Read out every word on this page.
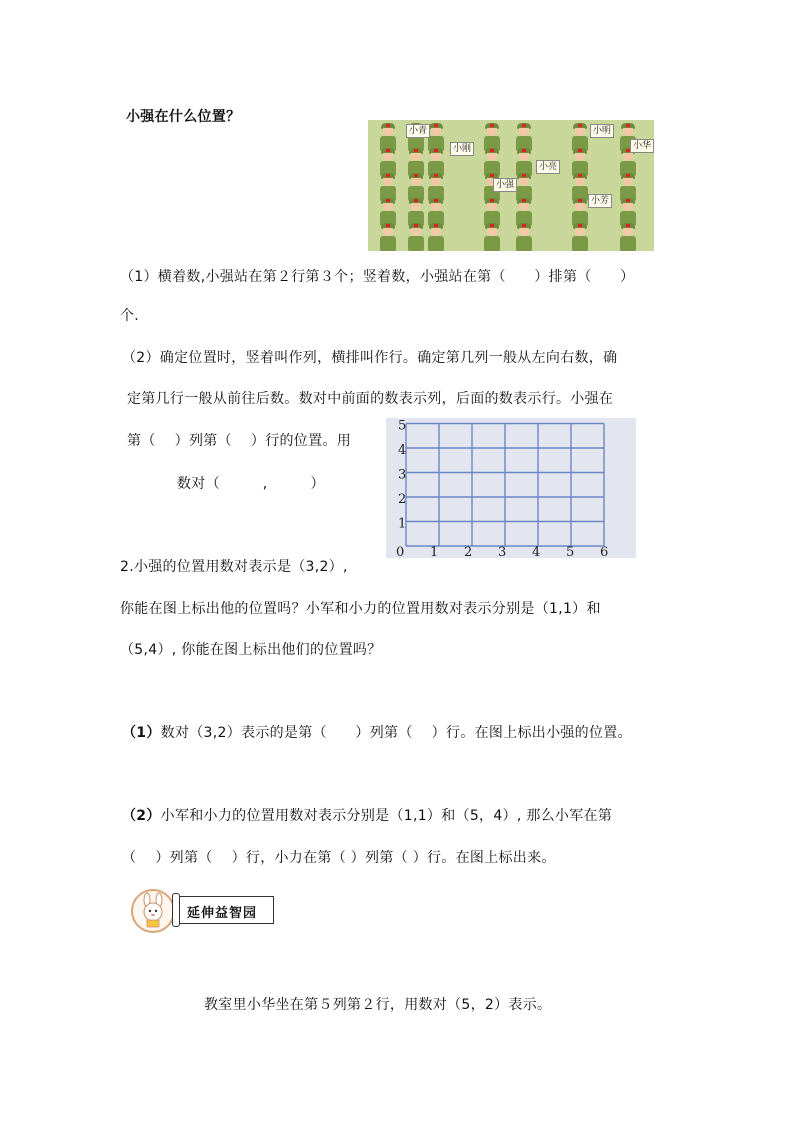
小强在什么位置？
小青	小明
小刚	小华
小亮
小强
小芳
（1）横着数,小强站在第２行第３个；竖着数，小强站在第（　　）排第（　　）
个.
（2）确定位置时，竖着叫作列，横排叫作行。确定第几列一般从左向右数，确
定第几行一般从前往后数。数对中前面的数表示列，后面的数表示行。小强在
第（　 ）列第（　 ）行的位置。用
数对（　　　,　　　）
0 1 2 3 4 5 6
1
2
3
4
5
2.小强的位置用数对表示是（3,2）,
你能在图上标出他的位置吗？小军和小力的位置用数对表示分别是（1,1）和
（5,4）, 你能在图上标出他们的位置吗？
（1）数对（3,2）表示的是第（　　）列第（　 ）行。在图上标出小强的位置。
（2）小军和小力的位置用数对表示分别是（1,1）和（5，4）, 那么小军在第
（　 ）列第（　 ）行，小力在第（ ）列第（ ）行。在图上标出来。
延伸益智园
教室里小华坐在第５列第２行，用数对（5，2）表示。
